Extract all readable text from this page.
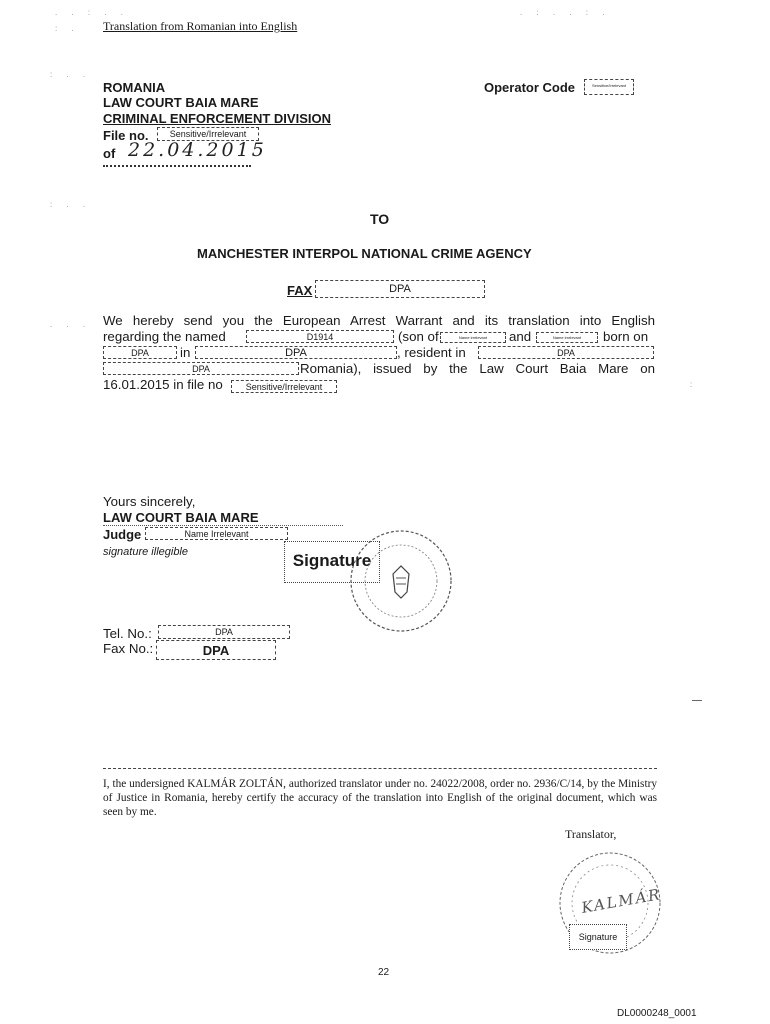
. . : . .	. : . . : .
: .
: . .
: . .
. . .
:
Translation from Romanian into English
ROMANIA
LAW COURT BAIA MARE
CRIMINAL ENFORCEMENT DIVISION
File no.	Sensitive/Irrelevant
of 22.04.2015
Operator Code	Sensitive/Irrelevant
TO
MANCHESTER INTERPOL NATIONAL CRIME AGENCY
FAX	DPA
We hereby send you the European Arrest Warrant and its translation into English
regarding the named	D1914	(son of	Name irrelevant	and	Name irrelevant	born on
DPA	in	DPA	, resident in	DPA
DPA	Romania), issued by the Law Court Baia Mare on
16.01.2015 in file no	Sensitive/Irrelevant
Yours sincerely,
LAW COURT BAIA MARE
Judge	Name Irrelevant
signature illegible	Signature
Tel. No.:	DPA
Fax No.:	DPA
I, the undersigned KALMÁR ZOLTÁN, authorized translator under no. 24022/2008, order no. 2936/C/14, by the Ministry of Justice in Romania, hereby certify the accuracy of the translation into English of the original document, which was seen by me.
Translator,
KALMÁR
Signature
22
DL0000248_0001
